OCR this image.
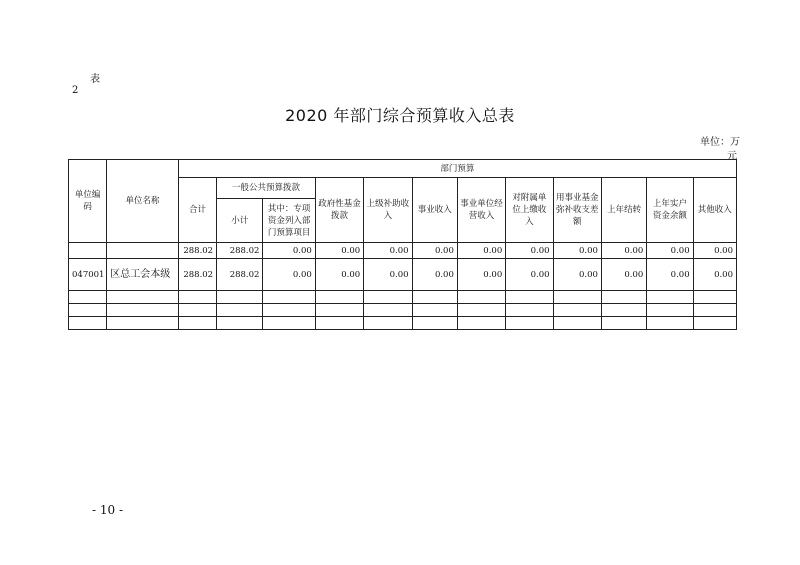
表
2
2020 年部门综合预算收入总表
单位：万
元
单位编码	单位名称	部门预算											
		合计	一般公共预算拨款		政府性基金拨款	上级补助收入	事业收入	事业单位经营收入	对附属单位上缴收入	用事业基金弥补收支差额	上年结转	上年实户资金余额	其他收入
			小计	其中：专项资金列入部门预算项目									
		288.02	288.02	0.00	0.00	0.00	0.00	0.00	0.00	0.00	0.00	0.00	0.00
047001	区总工会本级	288.02	288.02	0.00	0.00	0.00	0.00	0.00	0.00	0.00	0.00	0.00	0.00

- 10 -
